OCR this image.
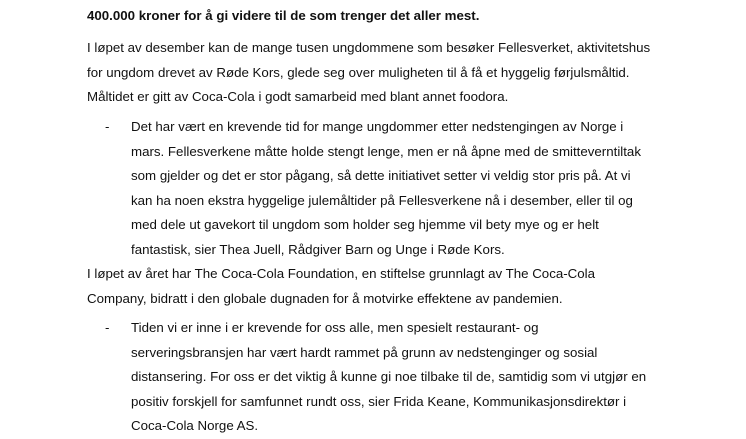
400.000 kroner for å gi videre til de som trenger det aller mest.

I løpet av desember kan de mange tusen ungdommene som besøker Fellesverket, aktivitetshus
for ungdom drevet av Røde Kors, glede seg over muligheten til å få et hyggelig førjulsmåltid.
Måltidet er gitt av Coca-Cola i godt samarbeid med blant annet foodora.
- Det har vært en krevende tid for mange ungdommer etter nedstengingen av Norge i
mars. Fellesverkene måtte holde stengt lenge, men er nå åpne med de smitteverntiltak
som gjelder og det er stor pågang, så dette initiativet setter vi veldig stor pris på. At vi
kan ha noen ekstra hyggelige julemåltider på Fellesverkene nå i desember, eller til og
med dele ut gavekort til ungdom som holder seg hjemme vil bety mye og er helt
fantastisk, sier Thea Juell, Rådgiver Barn og Unge i Røde Kors.
I løpet av året har The Coca-Cola Foundation, en stiftelse grunnlagt av The Coca-Cola
Company, bidratt i den globale dugnaden for å motvirke effektene av pandemien.
- Tiden vi er inne i er krevende for oss alle, men spesielt restaurant- og
serveringsbransjen har vært hardt rammet på grunn av nedstenginger og sosial
distansering. For oss er det viktig å kunne gi noe tilbake til de, samtidig som vi utgjør en
positiv forskjell for samfunnet rundt oss, sier Frida Keane, Kommunikasjonsdirektør i
Coca-Cola Norge AS.
